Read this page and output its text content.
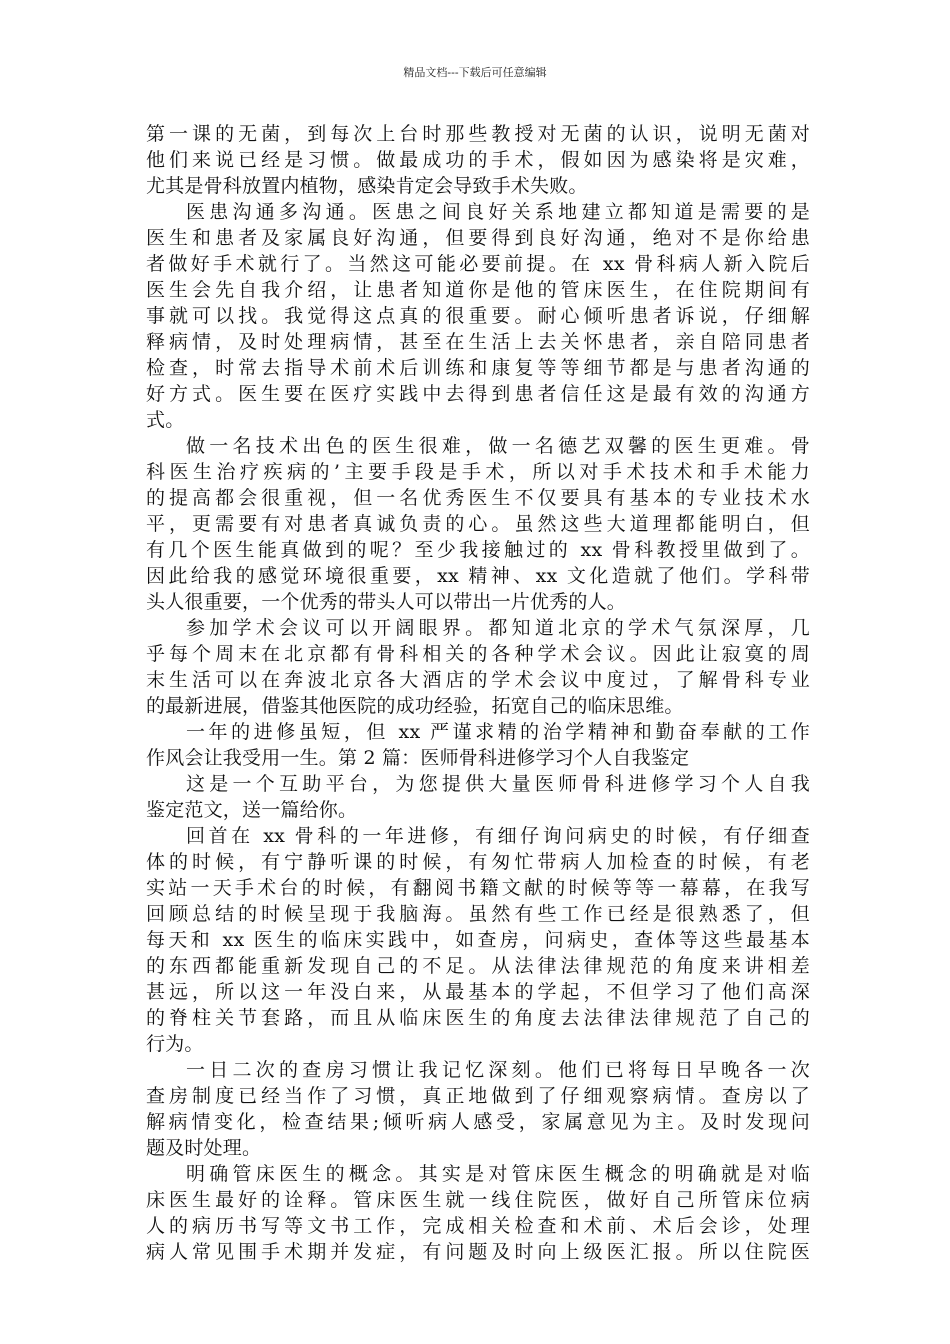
精品文档---下载后可任意编辑
第一课的无菌，到每次上台时那些教授对无菌的认识，说明无菌对
他们来说已经是习惯。做最成功的手术，假如因为感染将是灾难，
尤其是骨科放置内植物，感染肯定会导致手术失败。
医患沟通多沟通。医患之间良好关系地建立都知道是需要的是
医生和患者及家属良好沟通，但要得到良好沟通，绝对不是你给患
者做好手术就行了。当然这可能必要前提。在 xx 骨科病人新入院后
医生会先自我介绍，让患者知道你是他的管床医生，在住院期间有
事就可以找。我觉得这点真的很重要。耐心倾听患者诉说，仔细解
释病情，及时处理病情，甚至在生活上去关怀患者，亲自陪同患者
检查，时常去指导术前术后训练和康复等等细节都是与患者沟通的
好方式。医生要在医疗实践中去得到患者信任这是最有效的沟通方
式。
做一名技术出色的医生很难，做一名德艺双馨的医生更难。骨
科医生治疗疾病的’主要手段是手术，所以对手术技术和手术能力
的提高都会很重视，但一名优秀医生不仅要具有基本的专业技术水
平，更需要有对患者真诚负责的心。虽然这些大道理都能明白，但
有几个医生能真做到的呢？至少我接触过的 xx 骨科教授里做到了。
因此给我的感觉环境很重要，xx 精神、xx 文化造就了他们。学科带
头人很重要，一个优秀的带头人可以带出一片优秀的人。
参加学术会议可以开阔眼界。都知道北京的学术气氛深厚，几
乎每个周末在北京都有骨科相关的各种学术会议。因此让寂寞的周
末生活可以在奔波北京各大酒店的学术会议中度过，了解骨科专业
的最新进展，借鉴其他医院的成功经验，拓宽自己的临床思维。
一年的进修虽短，但 xx 严谨求精的治学精神和勤奋奉献的工作
作风会让我受用一生。第 2 篇：医师骨科进修学习个人自我鉴定
这是一个互助平台，为您提供大量医师骨科进修学习个人自我
鉴定范文，送一篇给你。
回首在 xx 骨科的一年进修，有细仔询问病史的时候，有仔细查
体的时候，有宁静听课的时候，有匆忙带病人加检查的时候，有老
实站一天手术台的时候，有翻阅书籍文献的时候等等一幕幕，在我写
回顾总结的时候呈现于我脑海。虽然有些工作已经是很熟悉了，但
每天和 xx 医生的临床实践中，如查房，问病史，查体等这些最基本
的东西都能重新发现自己的不足。从法律法律规范的角度来讲相差
甚远，所以这一年没白来，从最基本的学起，不但学习了他们高深
的脊柱关节套路，而且从临床医生的角度去法律法律规范了自己的
行为。
一日二次的查房习惯让我记忆深刻。他们已将每日早晚各一次
查房制度已经当作了习惯，真正地做到了仔细观察病情。查房以了
解病情变化，检查结果;倾听病人感受，家属意见为主。及时发现问
题及时处理。
明确管床医生的概念。其实是对管床医生概念的明确就是对临
床医生最好的诠释。管床医生就一线住院医，做好自己所管床位病
人的病历书写等文书工作，完成相关检查和术前、术后会诊，处理
病人常见围手术期并发症，有问题及时向上级医汇报。所以住院医
